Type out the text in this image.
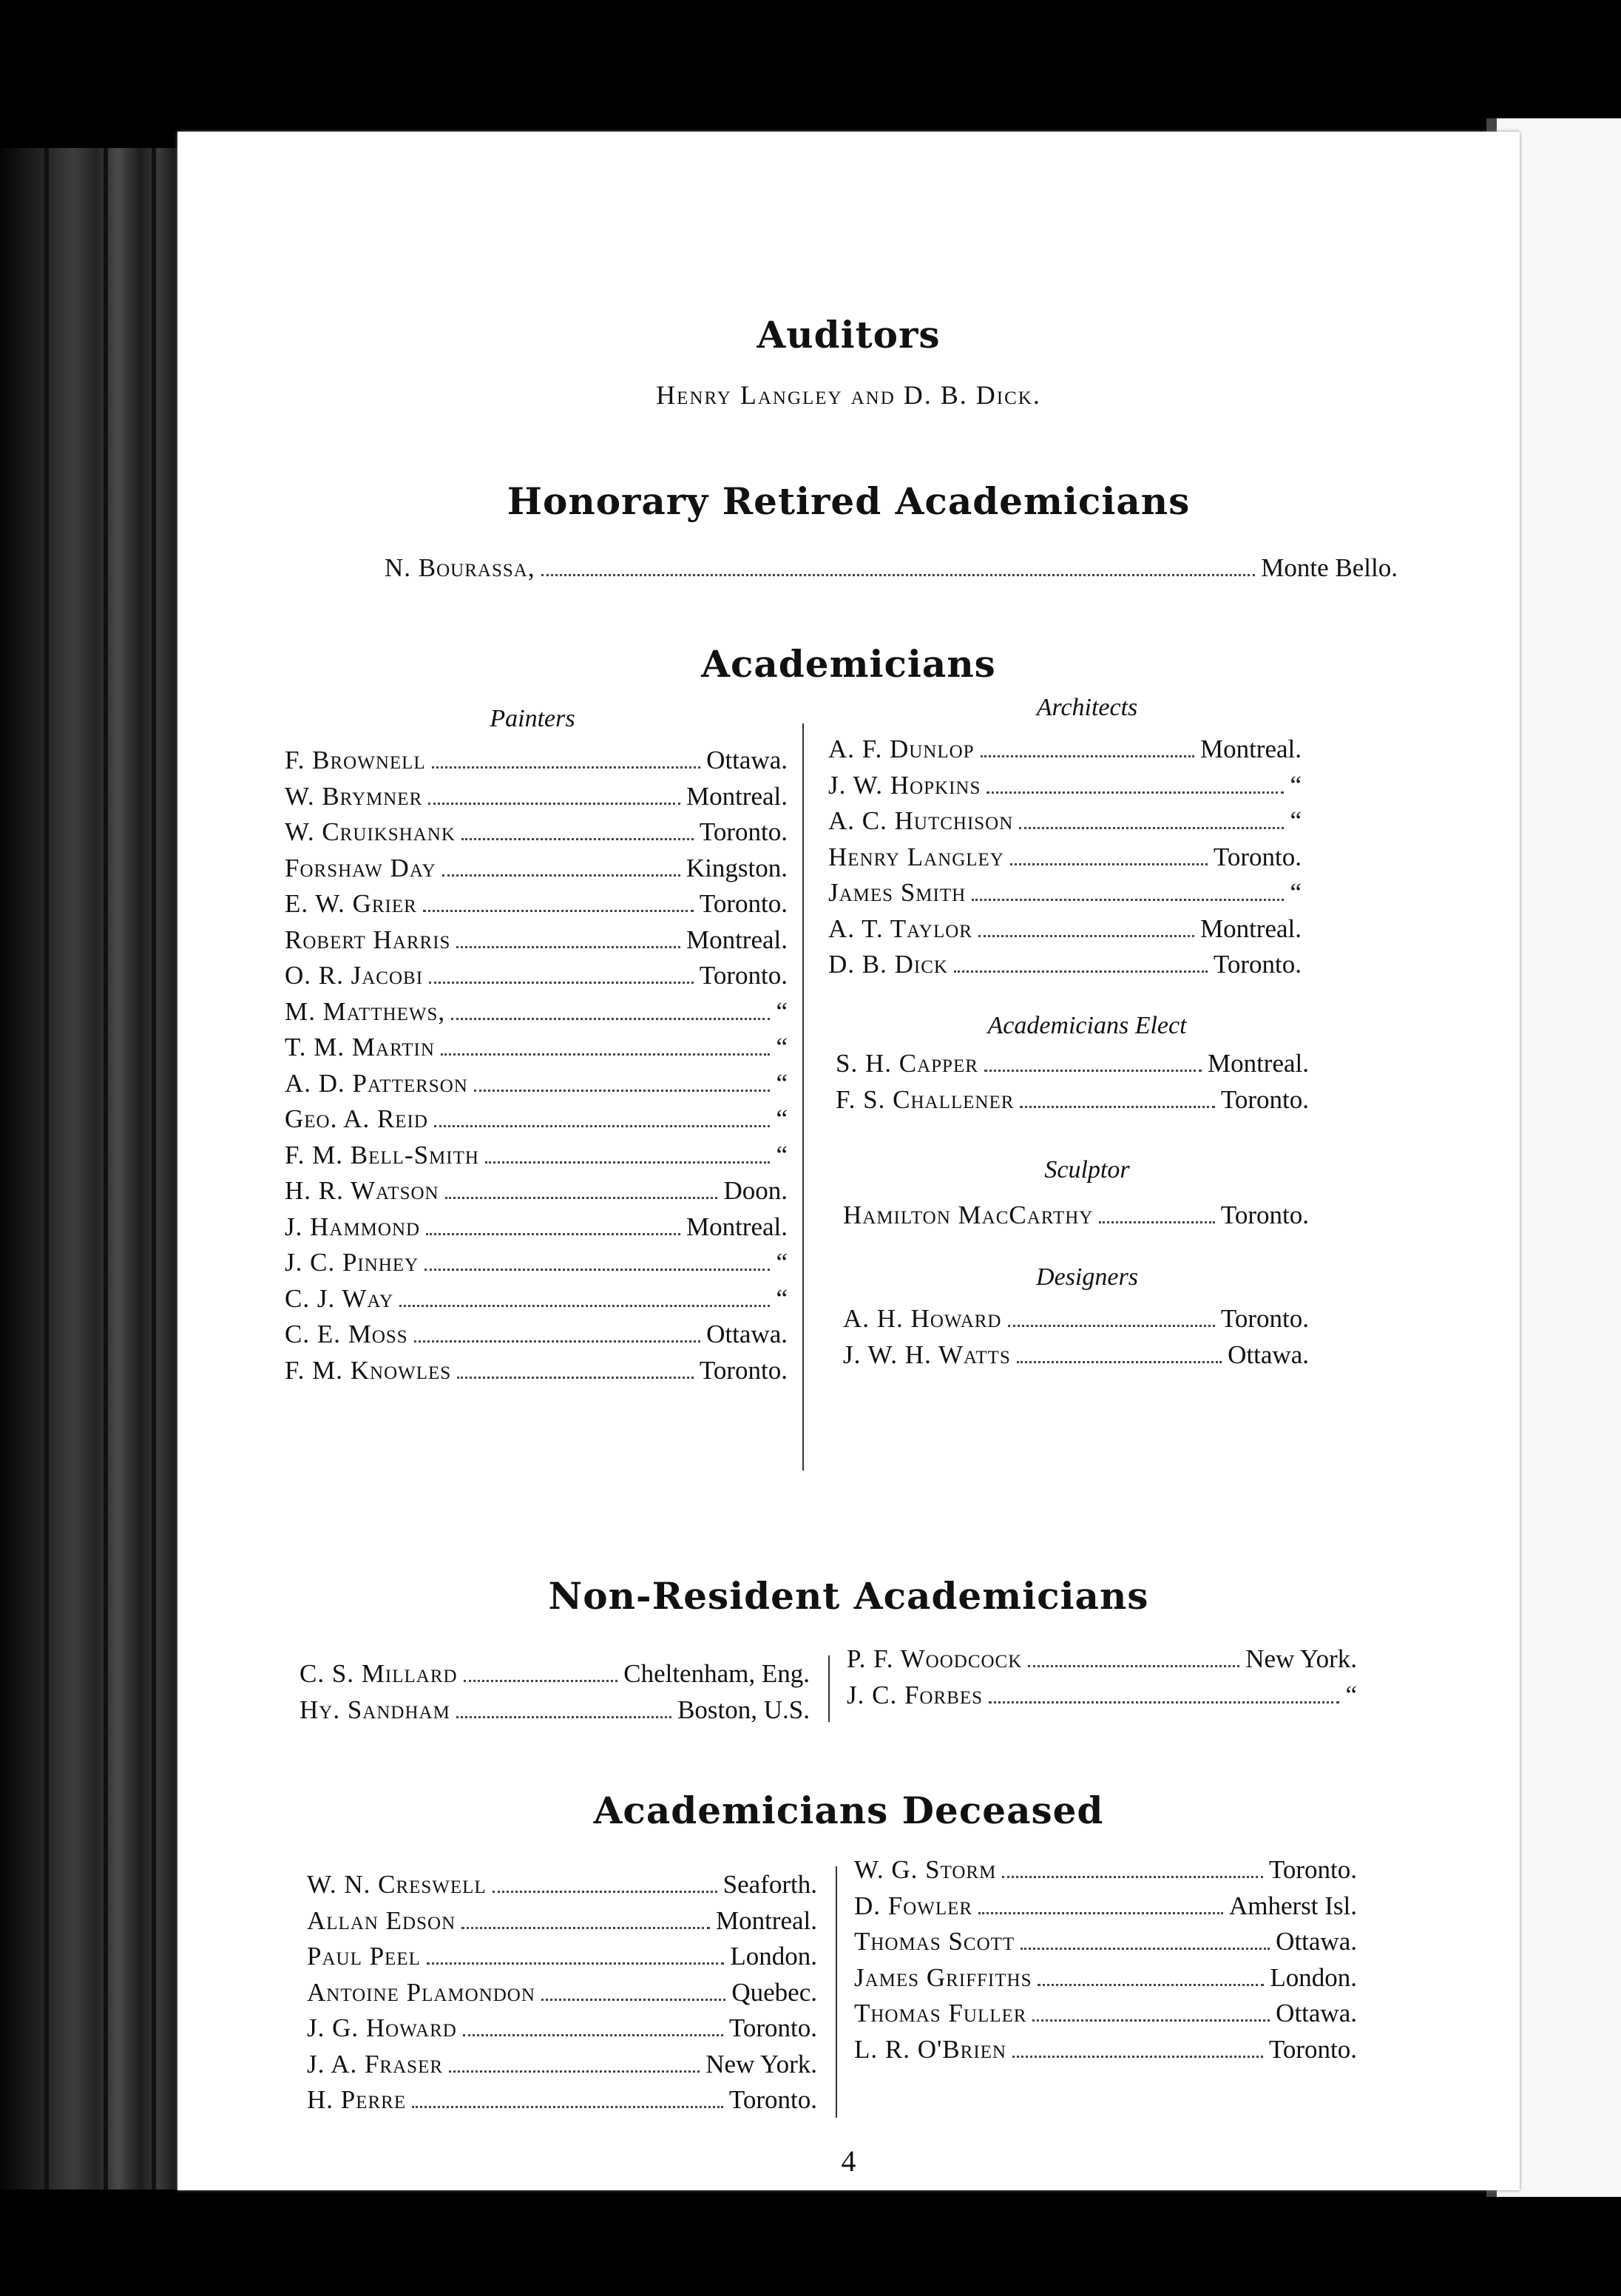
Auditors
Henry Langley and D. B. Dick.
Honorary Retired Academicians
N. Bourassa,	Monte Bello.
Academicians
Painters
F. Brownell	Ottawa.
W. Brymner	Montreal.
W. Cruikshank	Toronto.
Forshaw Day	Kingston.
E. W. Grier	Toronto.
Robert Harris	Montreal.
O. R. Jacobi	Toronto.
M. Matthews,	“
T. M. Martin	“
A. D. Patterson	“
Geo. A. Reid	“
F. M. Bell-Smith	“
H. R. Watson	Doon.
J. Hammond	Montreal.
J. C. Pinhey	“
C. J. Way	“
C. E. Moss	Ottawa.
F. M. Knowles	Toronto.
Architects
A. F. Dunlop	Montreal.
J. W. Hopkins	“
A. C. Hutchison	“
Henry Langley	Toronto.
James Smith	“
A. T. Taylor	Montreal.
D. B. Dick	Toronto.
Academicians Elect
S. H. Capper	Montreal.
F. S. Challener	Toronto.
Sculptor
Hamilton MacCarthy	Toronto.
Designers
A. H. Howard	Toronto.
J. W. H. Watts	Ottawa.
Non-Resident Academicians
C. S. Millard	Cheltenham, Eng.
Hy. Sandham	Boston, U.S.
P. F. Woodcock	New York.
J. C. Forbes	“
Academicians Deceased
W. N. Creswell	Seaforth.
Allan Edson	Montreal.
Paul Peel	London.
Antoine Plamondon	Quebec.
J. G. Howard	Toronto.
J. A. Fraser	New York.
H. Perre	Toronto.
W. G. Storm	Toronto.
D. Fowler	Amherst Isl.
Thomas Scott	Ottawa.
James Griffiths	London.
Thomas Fuller	Ottawa.
L. R. O'Brien	Toronto.
4
